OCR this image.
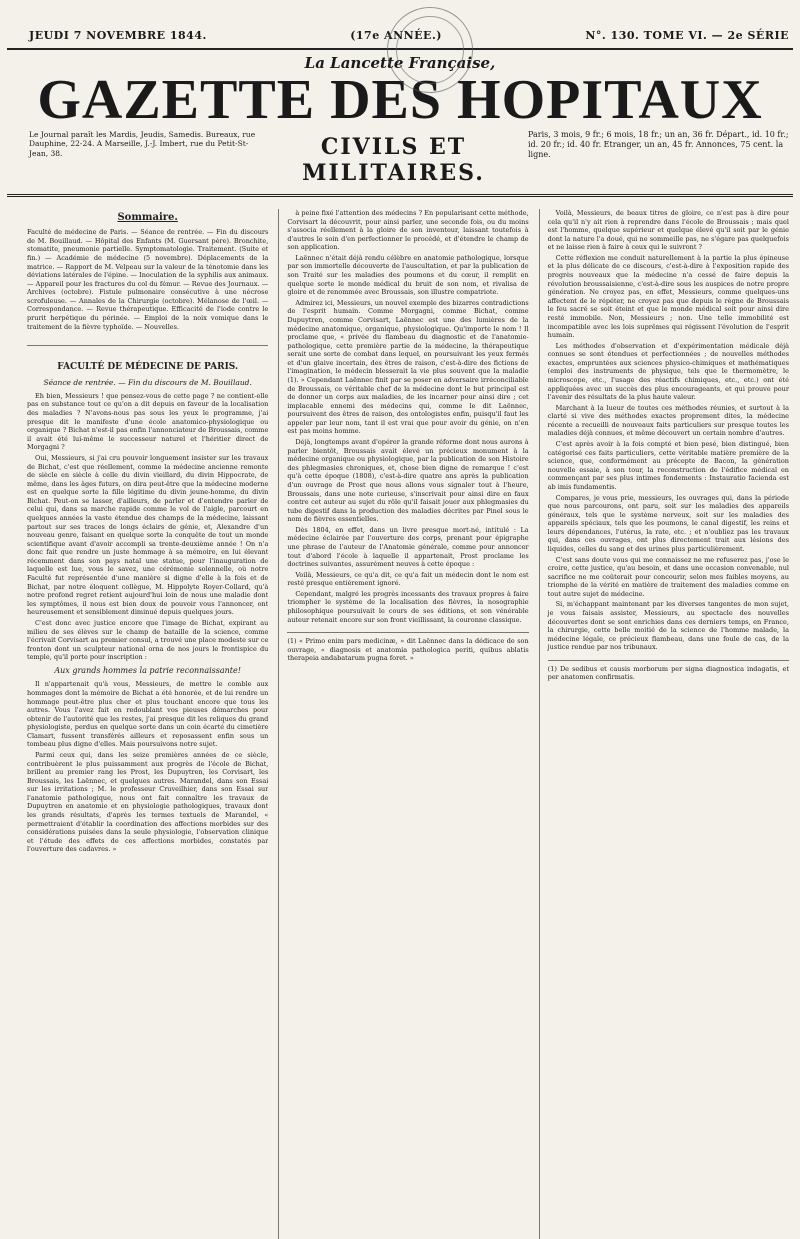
JEUDI 7 NOVEMBRE 1844.	(17e ANNÉE.)	N°. 130. TOME VI. — 2e SÉRIE
La Lancette Française,
GAZETTE DES HOPITAUX
Le Journal paraît les Mardis, Jeudis, Samedis. Bureaux, rue Dauphine, 22-24. A Marseille, J.-J. Imbert, rue du Petit-St-Jean, 38.	CIVILS ET MILITAIRES.
Paris, 3 mois, 9 fr.; 6 mois, 18 fr.; un an, 36 fr. Départ., id. 10 fr.; id. 20 fr.; id. 40 fr. Etranger, un an, 45 fr. Annonces, 75 cent. la ligne.
Sommaire.
Faculté de médecine de Paris. — Séance de rentrée. — Fin du discours de M. Bouillaud. — Hôpital des Enfants (M. Guersant père). Bronchite, stomatite, pneumonie partielle. Symptomatologie. Traitement. (Suite et fin.) — Académie de médecine (5 novembre). Déplacements de la matrice. — Rapport de M. Velpeau sur la valeur de la ténotomie dans les déviations latérales de l'épine. — Inoculation de la syphilis aux animaux. — Appareil pour les fractures du col du fémur. — Revue des Journaux. — Archives (octobre). Fistule pulmonaire consécutive à une nécrose scrofuleuse. — Annales de la Chirurgie (octobre). Mélanose de l'œil. — Correspondance. — Revue thérapeutique. Efficacité de l'iode contre le prurit herpétique du périnée. — Emploi de la noix vomique dans le traitement de la fièvre typhoïde. — Nouvelles.
FACULTÉ DE MÉDECINE DE PARIS.
Séance de rentrée. — Fin du discours de M. Bouillaud.

Eh bien, Messieurs ! que pensez-vous de cette page ? ne contient-elle pas en substance tout ce qu'on a dit depuis en faveur de la localisation des maladies ? N'avons-nous pas sous les yeux le programme, j'ai presque dit le manifeste d'une école anatomico-physiologique ou organique ? Bichat n'est-il pas enfin l'annonciateur de Broussais, comme il avait été lui-même le successeur naturel et l'héritier direct de Morgagni ?

Oui, Messieurs, si j'ai cru pouvoir longuement insister sur les travaux de Bichat, c'est que réellement, comme la médecine ancienne remonte de siècle en siècle à celle du divin vieillard, du divin Hippocrate, de même, dans les âges futurs, on dira peut-être que la médecine moderne est en quelque sorte la fille légitime du divin jeune-homme, du divin Bichat. Peut-on se lasser, d'ailleurs, de parler et d'entendre parler de celui qui, dans sa marche rapide comme le vol de l'aigle, parcourt en quelques années la vaste étendue des champs de la médecine, laissant partout sur ses traces de longs éclairs de génie, et, Alexandre d'un nouveau genre, faisant en quelque sorte la conquête de tout un monde scientifique avant d'avoir accompli sa trente-deuxième année ! On n'a donc fait que rendre un juste hommage à sa mémoire, en lui élevant récemment dans son pays natal une statue, pour l'inauguration de laquelle est lue, vous le savez, une cérémonie solennelle, où notre Faculté fut représentée d'une manière si digne d'elle à la fois et de Bichat, par notre éloquent collègue, M. Hippolyte Royer-Collard, qu'à notre profond regret retient aujourd'hui loin de nous une maladie dont les symptômes, il nous est bien doux de pouvoir vous l'annoncer, ont heureusement et sensiblement diminué depuis quelques jours.

C'est donc avec justice encore que l'image de Bichat, expirant au milieu de ses élèves sur le champ de bataille de la science, comme l'écrivait Corvisart au premier consul, a trouvé une place modeste sur ce fronton dont un sculpteur national orna de nos jours le frontispice du temple, qu'il porte pour inscription :

Aux grands hommes la patrie reconnaissante!

Il n'appartenait qu'à vous, Messieurs, de mettre le comble aux hommages dont la mémoire de Bichat a été honorée, et de lui rendre un hommage peut-être plus cher et plus touchant encore que tous les autres. Vous l'avez fait en redoublant vos pieuses démarches pour obtenir de l'autorité que les restes, j'ai presque dit les reliques du grand physiologiste, perdus en quelque sorte dans un coin écarté du cimetière Clamart, fussent transférés ailleurs et reposassent enfin sous un tombeau plus digne d'elles. Mais poursuivons notre sujet.

Parmi ceux qui, dans les seize premières années de ce siècle, contribuèrent le plus puissamment aux progrès de l'école de Bichat, brillent au premier rang les Prost, les Dupuytren, les Corvisart, les Broussais, les Laënnec, et quelques autres. Marandel, dans son Essai sur les irritations ; M. le professeur Cruveilhier, dans son Essai sur l'anatomie pathologique, nous ont fait connaître les travaux de Dupuytren en anatomie et en physiologie pathologiques, travaux dont les grands résultats, d'après les termes textuels de Marandel, « permettraient d'établir la coordination des affections morbides sur des considérations puisées dans la seule physiologie, l'observation clinique et l'étude des effets de ces affections morbides, constatés par l'ouverture des cadavres. »

à peine fixé l'attention des médecins ? En popularisant cette méthode, Corvisart la découvrit, pour ainsi parler, une seconde fois, ou du moins s'associa réellement à la gloire de son inventeur, laissant toutefois à d'autres le soin d'en perfectionner le procédé, et d'étendre le champ de son application.

Laënnec n'était déjà rendu célèbre en anatomie pathologique, lorsque par son immortelle découverte de l'auscultation, et par la publication de son Traité sur les maladies des poumons et du cœur, il remplit en quelque sorte le monde médical du bruit de son nom, et rivalisa de gloire et de renommée avec Broussais, son illustre compatriote.

Admirez ici, Messieurs, un nouvel exemple des bizarres contradictions de l'esprit humain. Comme Morgagni, comme Bichat, comme Dupuytren, comme Corvisart, Laënnec est une des lumières de la médecine anatomique, organique, physiologique. Qu'importe le nom ! Il proclame que, « privée du flambeau du diagnostic et de l'anatomie-pathologique, cette première partie de la médecine, la thérapeutique serait une sorte de combat dans lequel, en poursuivant les yeux fermés et d'un glaive incertain, des êtres de raison, c'est-à-dire des fictions de l'imagination, le médecin blesserait la vie plus souvent que la maladie (1). » Cependant Laënnec finit par se poser en adversaire irréconciliable de Broussais, ce véritable chef de la médecine dont le but principal est de donner un corps aux maladies, de les incarner pour ainsi dire ; cet implacable ennemi des médecins qui, comme le dit Laënnec, poursuivent des êtres de raison, des ontologistes enfin, puisqu'il faut les appeler par leur nom, tant il est vrai que pour avoir du génie, on n'en est pas moins homme.

Déjà, longtemps avant d'opérer la grande réforme dont nous aurons à parler bientôt, Broussais avait élevé un précieux monument à la médecine organique ou physiologique, par la publication de son Histoire des phlegmasies chroniques, et, chose bien digne de remarque ! c'est qu'à cette époque (1808), c'est-à-dire quatre ans après la publication d'un ouvrage de Prost que nous allons vous signaler tout à l'heure, Broussais, dans une note curieuse, s'inscrivait pour ainsi dire en faux contre cet auteur au sujet du rôle qu'il faisait jouer aux phlegmasies du tube digestif dans la production des maladies décrites par Pinel sous le nom de fièvres essentielles.

Dès 1804, en effet, dans un livre presque mort-né, intitulé : La médecine éclairée par l'ouverture des corps, prenant pour épigraphe une phrase de l'auteur de l'Anatomie générale, comme pour annoncer tout d'abord l'école à laquelle il appartenait, Prost proclame les doctrines suivantes, assurément neuves à cette époque :

Voilà, Messieurs, ce qu'a dit, ce qu'a fait un médecin dont le nom est resté presque entièrement ignoré.

Cependant, malgré les progrès incessants des travaux propres à faire triompher le système de la localisation des fièvres, la nosographie philosophique poursuivait le cours de ses éditions, et son vénérable auteur retenait encore sur son front vieillissant, la couronne classique.

(1) « Primo enim pars medicinæ, » dit Laënnec dans la dédicace de son ouvrage, « diagnosis et anatomia pathologica periti, quibus ablatis therapeia andabatarum pugna foret. »

Voilà, Messieurs, de beaux titres de gloire, ce n'est pas à dire pour cela qu'il n'y ait rien à reprendre dans l'école de Broussais ; mais quel est l'homme, quelque supérieur et quelque élevé qu'il soit par le génie dont la nature l'a doué, qui ne sommeille pas, ne s'égare pas quelquefois et ne laisse rien à faire à ceux qui le suivront ?

Cette réflexion me conduit naturellement à la partie la plus épineuse et la plus délicate de ce discours, c'est-à-dire à l'exposition rapide des progrès nouveaux que la médecine n'a cessé de faire depuis la révolution broussaisienne, c'est-à-dire sous les auspices de notre propre génération. Ne croyez pas, en effet, Messieurs, comme quelques-uns affectent de le répéter, ne croyez pas que depuis le règne de Broussais le feu sacré se soit éteint et que le monde médical soit pour ainsi dire resté immobile. Non, Messieurs ; non. Une telle immobilité est incompatible avec les lois suprêmes qui régissent l'évolution de l'esprit humain.

Les méthodes d'observation et d'expérimentation médicale déjà connues se sont étendues et perfectionnées ; de nouvelles méthodes exactes, empruntées aux sciences physico-chimiques et mathématiques (emploi des instruments de physique, tels que le thermomètre, le microscope, etc., l'usage des réactifs chimiques, etc., etc.) ont été appliquées avec un succès des plus encourageants, et qui prouve pour l'avenir des résultats de la plus haute valeur.

Marchant à la lueur de toutes ces méthodes réunies, et surtout à la clarté si vive des méthodes exactes proprement dites, la médecine récente a recueilli de nouveaux faits particuliers sur presque toutes les maladies déjà connues, et même découvert un certain nombre d'autres.

C'est après avoir à la fois compté et bien pesé, bien distingué, bien catégorisé ces faits particuliers, cette véritable matière première de la science, que, conformément au précepte de Bacon, la génération nouvelle essaie, à son tour, la reconstruction de l'édifice médical en commençant par ses plus intimes fondements : Instauratio facienda est ab imis fundamentis.

Compares, je vous prie, messieurs, les ouvrages qui, dans la période que nous parcourons, ont paru, soit sur les maladies des appareils généraux, tels que le système nerveux, soit sur les maladies des appareils spéciaux, tels que les poumons, le canal digestif, les reins et leurs dépendances, l'utérus, la rate, etc. ; et n'oubliez pas les travaux qui, dans ces ouvrages, ont plus directement trait aux lésions des liquides, celles du sang et des urines plus particulièrement.

C'est sans doute vous qui me connaissez ne me refuserez pas, j'ose le croire, cette justice, qu'au besoin, et dans une occasion convenable, nul sacrifice ne me coûterait pour concourir, selon mes faibles moyens, au triomphe de la vérité en matière de traitement des maladies comme en tout autre sujet de médecine.

Si, m'échappant maintenant par les diverses tangentes de mon sujet, je vous faisais assister, Messieurs, au spectacle des nouvelles découvertes dont se sont enrichies dans ces derniers temps, en France, la chirurgie, cette belle moitié de la science de l'homme malade, la médecine légale, ce précieux flambeau, dans une foule de cas, de la justice rendue par nos tribunaux.

(1) De sedibus et causis morborum per signa diagnostica indagatis, et per anatomen confirmatis.
